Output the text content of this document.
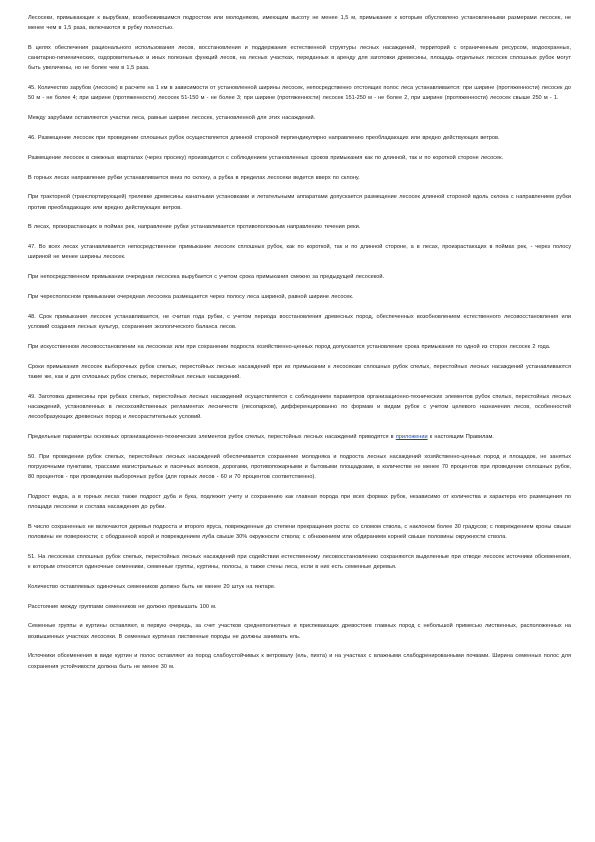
Лесосеки, примыкающие к вырубкам, возобновившимся подростом или молодняком, имеющим высоту не менее 1,5 м, примыкание к которым обусловлено установленными размерами лесосек, не менее чем в 1,5 раза, включаются в рубку полностью.

В целях обеспечения рационального использования лесов, восстановления и поддержания естественной структуры лесных насаждений, территорий с ограниченным ресурсом, водоохранных, санитарно-гигиенических, оздоровительных и иных полезных функций лесов, на лесных участках, переданных в аренду для заготовки древесины, площадь отдельных лесосек сплошных рубок могут быть увеличены, но не более чем в 1,5 раза.

45. Количество зарубов (лесосек) в расчете на 1 км в зависимости от установленной ширины лесосек, непосредственно отстоящих полос леса устанавливается: при ширине (протяженности) лесосек до 50 м - не более 4; при ширине (протяженности) лесосек 51-150 м - не более 3; при ширине (протяженности) лесосек 151-250 м - не более 2, при ширине (протяженности) лесосек свыше 250 м - 1.

Между зарубами оставляются участки леса, равные ширине лесосек, установленной для этих насаждений.

46. Размещение лесосек при проведении сплошных рубок осуществляется длинной стороной перпендикулярно направлению преобладающих или вредно действующих ветров.

Размещение лесосек в смежных кварталах (через просеку) производится с соблюдением установленных сроков примыкания как по длинной, так и по короткой стороне лесосек.

В горных лесах направление рубки устанавливается вниз по склону, а рубка в пределах лесосеки ведется вверх по склону.

При тракторной (транспортирующей) трелевке древесины канатными установками и летательными аппаратами допускается размещение лесосек длинной стороной вдоль склона с направлением рубки против преобладающих или вредно действующих ветров.

В лесах, произрастающих в поймах рек, направление рубки устанавливается противоположным направлению течения реки.

47. Во всех лесах устанавливается непосредственное примыкание лесосек сплошных рубок, как по короткой, так и по длинной стороне, а в лесах, произрастающих в поймах рек, - через полосу шириной не менее ширины лесосек.

При непосредственном примыкании очередная лесосека вырубается с учетом срока примыкания смежно за предыдущей лесосекой.

При чересполосном примыкании очередная лесосека размещается через полосу леса шириной, равной ширине лесосек.

48. Срок примыкания лесосек устанавливается, не считая года рубки, с учетом периода восстановления древесных пород, обеспеченных возобновлением естественного лесовосстановления или условий создания лесных культур, сохранения экологического баланса лесов.

При искусственном лесовосстановлении на лесосеках или при сохранении подроста хозяйственно-ценных пород допускается установление срока примыкания по одной из сторон лесосек 2 года.

Сроки примыкания лесосек выборочных рубок спелых, перестойных лесных насаждений при их примыкании к лесосекам сплошных рубок спелых, перестойных лесных насаждений устанавливаются такие же, как и для сплошных рубок спелых, перестойных лесных насаждений.

49. Заготовка древесины при рубках спелых, перестойных лесных насаждений осуществляется с соблюдением параметров организационно-технических элементов рубок спелых, перестойных лесных насаждений, установленных в лесохозяйственных регламентах лесничеств (лесопарков), дифференцированно по формам и видам рубок с учетом целевого назначения лесов, особенностей лесообразующих древесных пород и лесорастительных условий.

Предельные параметры основных организационно-технических элементов рубок спелых, перестойных лесных насаждений приводятся в приложении к настоящим Правилам.

50. При проведении рубок спелых, перестойных лесных насаждений обеспечивается сохранение молодняка и подроста лесных насаждений хозяйственно-ценных пород и площадок, не занятых погрузочными пунктами, трассами магистральных и пасечных волоков, дорогами, противопожарными и бытовыми площадками, в количестве не менее 70 процентов при проведении сплошных рубок, 80 процентов - при проведении выборочных рубок (для горных лесов - 60 и 70 процентов соответственно).

Подрост кедра, а в горных лесах также подрост дуба и бука, подлежит учету и сохранению как главная порода при всех формах рубок, независимо от количества и характера его размещения по площади лесосеки и состава насаждения до рубки.

В число сохраненных не включаются деревья подроста и второго яруса, поврежденные до степени прекращения роста: со сломом ствола, с наклоном более 30 градусов; с повреждением кроны свыше половины ее поверхности; с ободранной корой и повреждением луба свыше 30% окружности ствола; с обнажением или обдиранием корней свыше половины окружности ствола.

51. На лесосеках сплошных рубок спелых, перестойных лесных насаждений при содействии естественному лесовосстановлению сохраняются выделенные при отводе лесосек источники обсеменения, к которым относятся одиночные семенники, семенные группы, куртины, полосы, а также стены леса, если в них есть семенные деревья.

Количество оставляемых одиночных семенников должно быть не менее 20 штук на гектаре.

Расстояние между группами семенников не должно превышать 100 м.

Семенные группы и куртины оставляют, в первую очередь, за счет участков среднеполнотных и приспевающих древостоев главных пород с небольшой примесью лиственных, расположенных на возвышенных участках лесосеки. В семенных куртинах лиственные породы не должны занимать ель.

Источники обсеменения в виде куртин и полос оставляют из пород слабоустойчивых к ветровалу (ель, пихта) и на участках с влажными слабодренированными почвами. Ширина семенных полос для сохранения устойчивости должна быть не менее 30 м.
